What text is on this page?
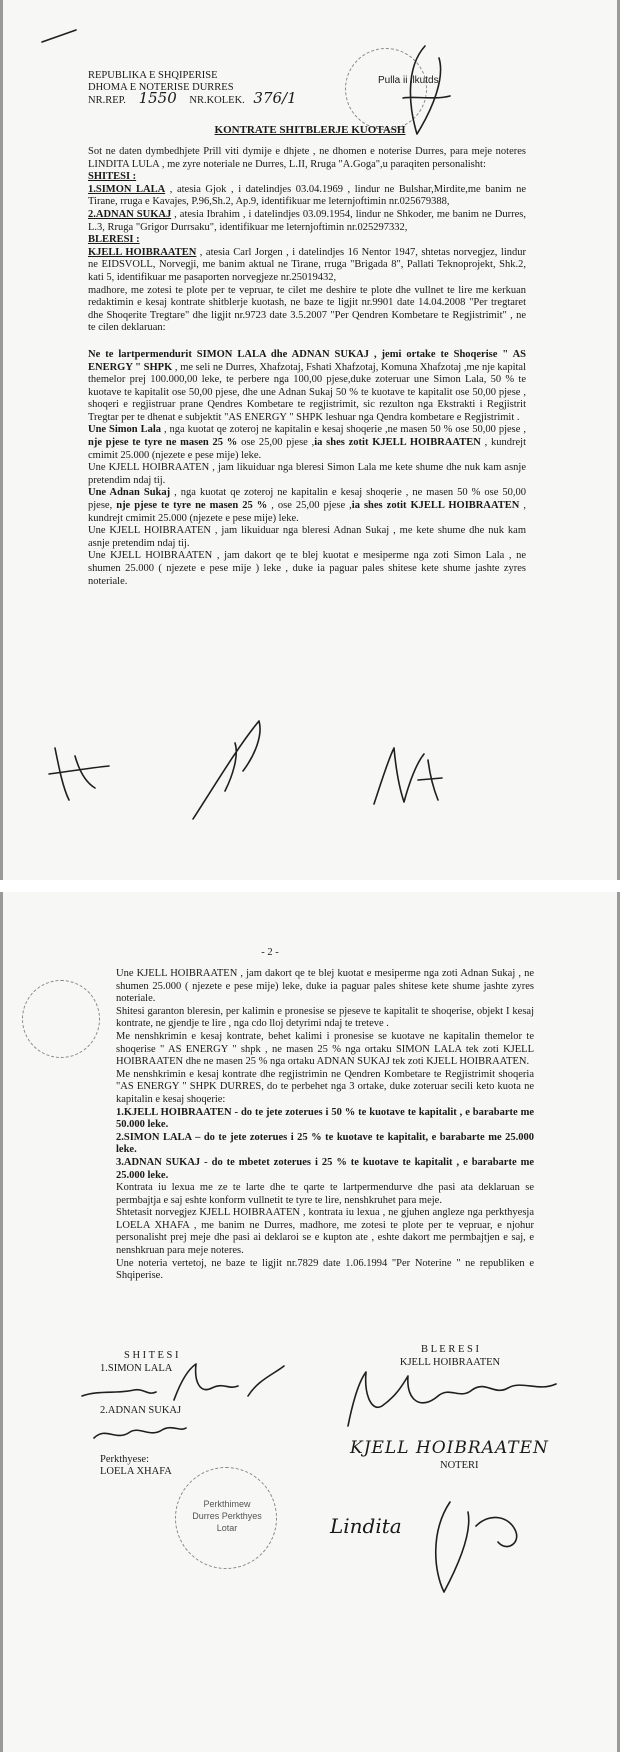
REPUBLIKA E SHQIPERISE
DHOMA E NOTERISE DURRES
NR.REP. 1550 NR.KOLEK. 376/1
Pulla ii llkutds
KONTRATE SHITBLERJE KUOTASH

Sot ne daten dymbedhjete Prill viti dymije e dhjete , ne dhomen e noterise Durres, para meje noteres LINDITA LULA , me zyre noteriale ne Durres, L.II, Rruga "A.Goga",u paraqiten personalisht:

SHITESI :

1.SIMON LALA , atesia Gjok , i datelindjes 03.04.1969 , lindur ne Bulshar,Mirdite,me banim ne Tirane, rruga e Kavajes, P.96,Sh.2, Ap.9, identifikuar me leternjoftimin nr.025679388,

2.ADNAN SUKAJ , atesia Ibrahim , i datelindjes 03.09.1954, lindur ne Shkoder, me banim ne Durres, L.3, Rruga "Grigor Durrsaku", identifikuar me leternjoftimin nr.025297332,

BLERESI :

KJELL HOIBRAATEN , atesia Carl Jorgen , i datelindjes 16 Nentor 1947, shtetas norvegjez, lindur ne EIDSVOLL, Norvegji, me banim aktual ne Tirane, rruga "Brigada 8", Pallati Teknoprojekt, Shk.2, kati 5, identifikuar me pasaporten norvegjeze nr.25019432,

madhore, me zotesi te plote per te vepruar, te cilet me deshire te plote dhe vullnet te lire me kerkuan redaktimin e kesaj kontrate shitblerje kuotash, ne baze te ligjit nr.9901 date 14.04.2008 "Per tregtaret dhe Shoqerite Tregtare" dhe ligjit nr.9723 date 3.5.2007 "Per Qendren Kombetare te Regjistrimit" , ne te cilen deklaruan:

Ne te lartpermendurit SIMON LALA dhe ADNAN SUKAJ , jemi ortake te Shoqerise " AS ENERGY " SHPK , me seli ne Durres, Xhafzotaj, Fshati Xhafzotaj, Komuna Xhafzotaj ,me nje kapital themelor prej 100.000,00 leke, te perbere nga 100,00 pjese,duke zoteruar une Simon Lala, 50 % te kuotave te kapitalit ose 50,00 pjese, dhe une Adnan Sukaj 50 % te kuotave te kapitalit ose 50,00 pjese , shoqeri e regjistruar prane Qendres Kombetare te regjistrimit, sic rezulton nga Ekstrakti i Regjistrit Tregtar per te dhenat e subjektit "AS ENERGY " SHPK leshuar nga Qendra kombetare e Regjistrimit .

Une Simon Lala , nga kuotat qe zoteroj ne kapitalin e kesaj shoqerie ,ne masen 50 % ose 50,00 pjese , nje pjese te tyre ne masen 25 % ose 25,00 pjese ,ia shes zotit KJELL HOIBRAATEN , kundrejt cmimit 25.000 (njezete e pese mije) leke.

Une KJELL HOIBRAATEN , jam likuiduar nga bleresi Simon Lala me kete shume dhe nuk kam asnje pretendim ndaj tij.

Une Adnan Sukaj , nga kuotat qe zoteroj ne kapitalin e kesaj shoqerie , ne masen 50 % ose 50,00 pjese, nje pjese te tyre ne masen 25 % , ose 25,00 pjese ,ia shes zotit KJELL HOIBRAATEN , kundrejt cmimit 25.000 (njezete e pese mije) leke.

Une KJELL HOIBRAATEN , jam likuiduar nga bleresi Adnan Sukaj , me kete shume dhe nuk kam asnje pretendim ndaj tij.

Une KJELL HOIBRAATEN , jam dakort qe te blej kuotat e mesiperme nga zoti Simon Lala , ne shumen 25.000 ( njezete e pese mije ) leke , duke ia paguar pales shitese kete shume jashte zyres noteriale.

- 2 -

Une KJELL HOIBRAATEN , jam dakort qe te blej kuotat e mesiperme nga zoti Adnan Sukaj , ne shumen 25.000 ( njezete e pese mije) leke, duke ia paguar pales shitese kete shume jashte zyres noteriale.

Shitesi garanton bleresin, per kalimin e pronesise se pjeseve te kapitalit te shoqerise, objekt I kesaj kontrate, ne gjendje te lire , nga cdo lloj detyrimi ndaj te treteve .

Me nenshkrimin e kesaj kontrate, behet kalimi i pronesise se kuotave ne kapitalin themelor te shoqerise " AS ENERGY " shpk , ne masen 25 % nga ortaku SIMON LALA tek zoti KJELL HOIBRAATEN dhe ne masen 25 % nga ortaku ADNAN SUKAJ tek zoti KJELL HOIBRAATEN.

Me nenshkrimin e kesaj kontrate dhe regjistrimin ne Qendren Kombetare te Regjistrimit shoqeria "AS ENERGY " SHPK DURRES, do te perbehet nga 3 ortake, duke zoteruar secili keto kuota ne kapitalin e kesaj shoqerie:

1.KJELL HOIBRAATEN - do te jete zoterues i 50 % te kuotave te kapitalit , e barabarte me 50.000 leke.

2.SIMON LALA – do te jete zoterues i 25 % te kuotave te kapitalit, e barabarte me 25.000 leke.

3.ADNAN SUKAJ - do te mbetet zoterues i 25 % te kuotave te kapitalit , e barabarte me 25.000 leke.

Kontrata iu lexua me ze te larte dhe te qarte te lartpermendurve dhe pasi ata deklaruan se permbajtja e saj eshte konform vullnetit te tyre te lire, nenshkruhet para meje.

Shtetasit norvegjez KJELL HOIBRAATEN , kontrata iu lexua , ne gjuhen angleze nga perkthyesja LOELA XHAFA , me banim ne Durres, madhore, me zotesi te plote per te vepruar, e njohur personalisht prej meje dhe pasi ai deklaroi se e kupton ate , eshte dakort me permbajtjen e saj, e nenshkruan para meje noteres.

Une noteria vertetoj, ne baze te ligjit nr.7829 date 1.06.1994 "Per Noterine " ne republiken e Shqiperise.

S H I T E S I
1.SIMON LALA
2.ADNAN SUKAJ
Perkthyese:
LOELA XHAFA
Perkthimew Durres Perkthyes Lotar
B L E R E S I
KJELL HOIBRAATEN
KJELL HOIBRAATEN
NOTERI
Lindita
